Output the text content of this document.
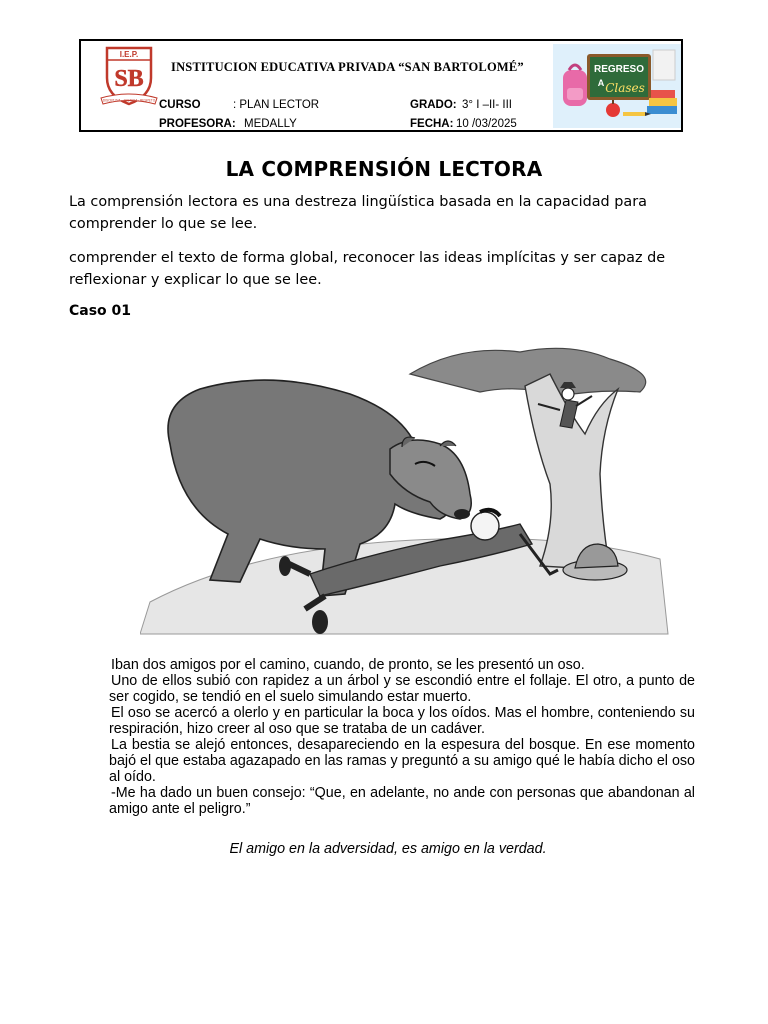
I.E.P.
SB
DISCIPLINA · JUSTICIA · RESPETO
INSTITUCION EDUCATIVA PRIVADA “SAN BARTOLOMÉ”
CURSO	: PLAN LECTOR	GRADO: 3° I –II- III
PROFESORA: MEDALLY	FECHA: 10 /03/2025
REGRESO
A Clases
LA COMPRENSIÓN LECTORA
La comprensión lectora es una destreza lingüística basada en la capacidad para comprender lo que se lee.
comprender el texto de forma global, reconocer las ideas implícitas y ser capaz de reflexionar y explicar lo que se lee.
Caso 01

Iban dos amigos por el camino, cuando, de pronto, se les presentó un oso.

Uno de ellos subió con rapidez a un árbol y se escondió entre el follaje. El otro, a punto de ser cogido, se tendió en el suelo simulando estar muerto.

El oso se acercó a olerlo y en particular la boca y los oídos. Mas el hombre, conteniendo su respiración, hizo creer al oso que se trataba de un cadáver.

La bestia se alejó entonces, desapareciendo en la espesura del bosque. En ese momento bajó el que estaba agazapado en las ramas y preguntó a su amigo qué le había dicho el oso al oído.

-Me ha dado un buen consejo: “Que, en adelante, no ande con personas que abandonan al amigo ante el peligro.”

El amigo en la adversidad, es amigo en la verdad.
